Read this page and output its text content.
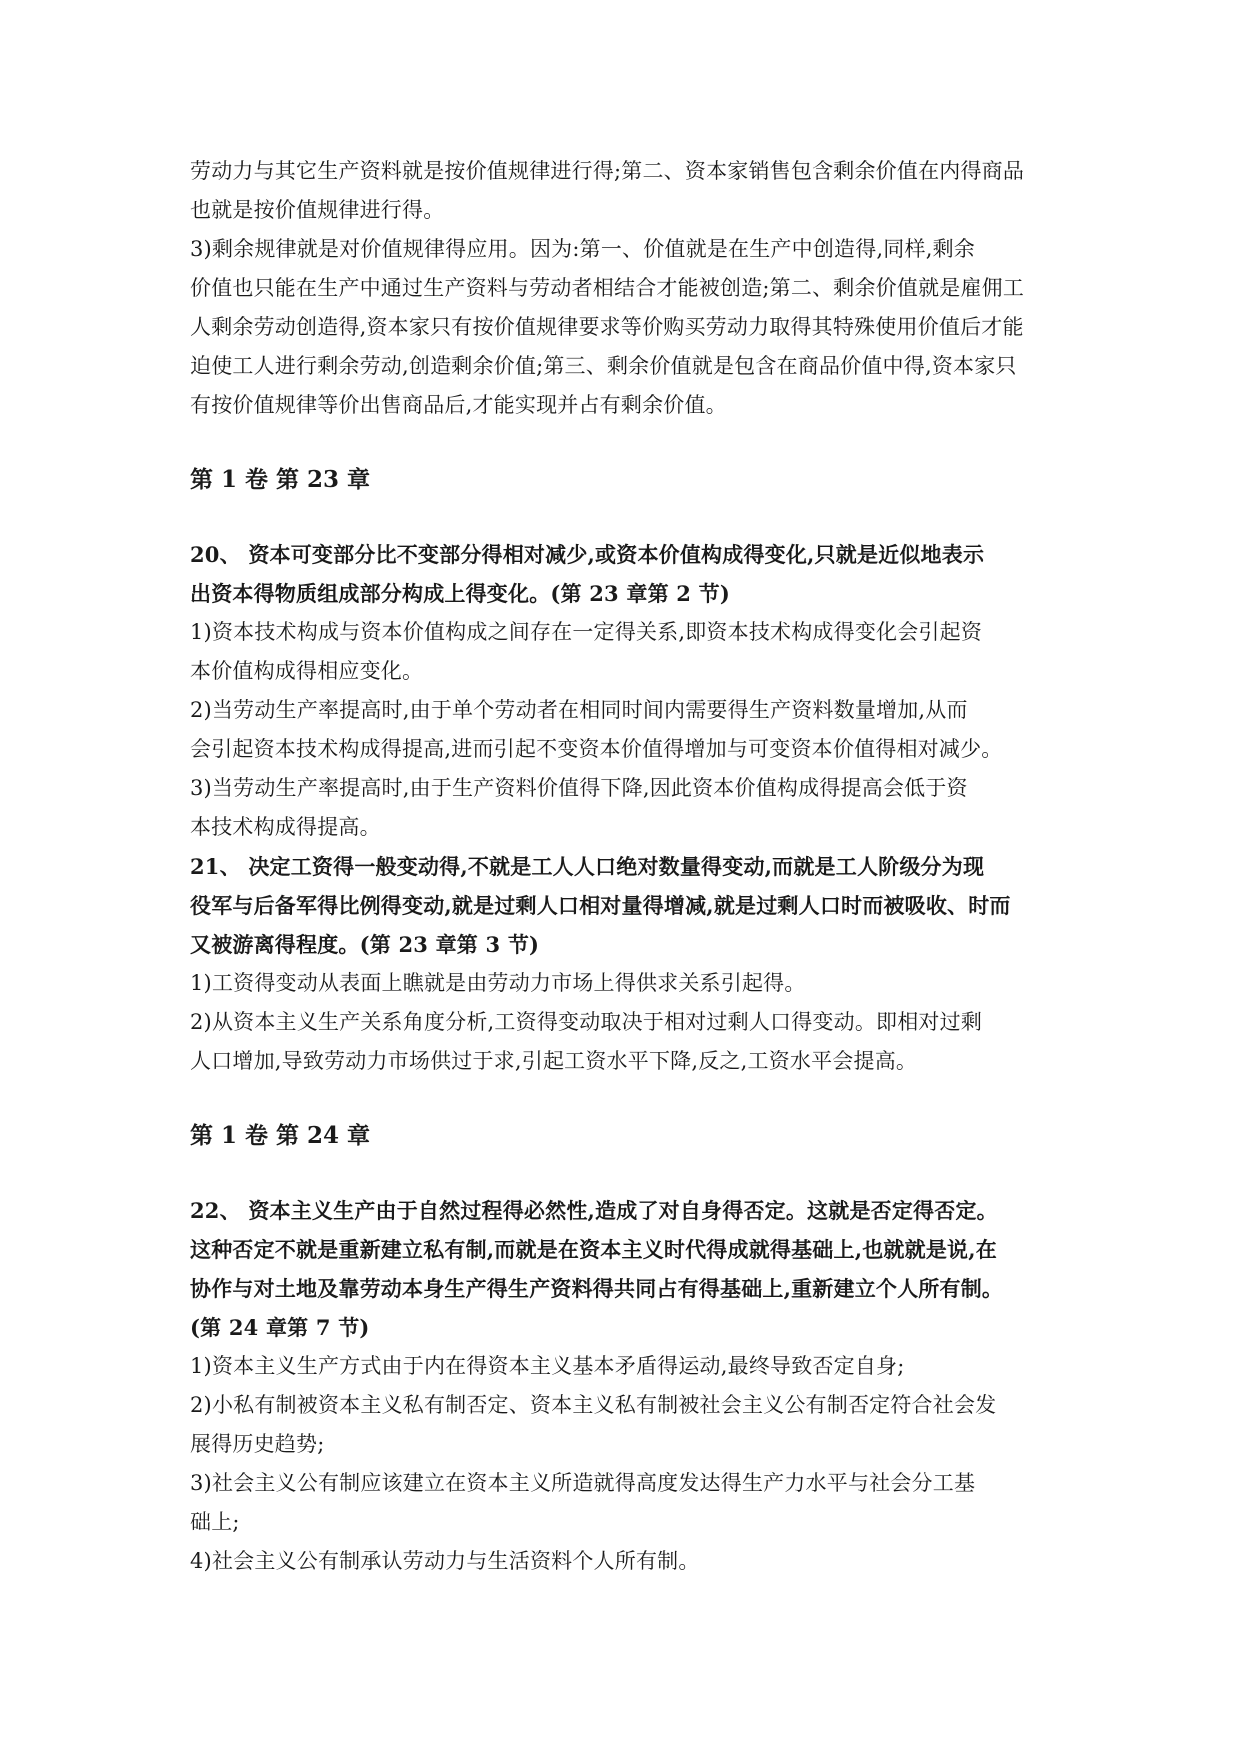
劳动力与其它生产资料就是按价值规律进行得;第二、资本家销售包含剩余价值在内得商品
也就是按价值规律进行得。

3)剩余规律就是对价值规律得应用。因为:第一、价值就是在生产中创造得,同样,剩余
价值也只能在生产中通过生产资料与劳动者相结合才能被创造;第二、剩余价值就是雇佣工
人剩余劳动创造得,资本家只有按价值规律要求等价购买劳动力取得其特殊使用价值后才能
迫使工人进行剩余劳动,创造剩余价值;第三、剩余价值就是包含在商品价值中得,资本家只
有按价值规律等价出售商品后,才能实现并占有剩余价值。

第 1 卷 第 23 章

20、 资本可变部分比不变部分得相对减少,或资本价值构成得变化,只就是近似地表示
出资本得物质组成部分构成上得变化。(第 23 章第 2 节)

1)资本技术构成与资本价值构成之间存在一定得关系,即资本技术构成得变化会引起资
本价值构成得相应变化。

2)当劳动生产率提高时,由于单个劳动者在相同时间内需要得生产资料数量增加,从而
会引起资本技术构成得提高,进而引起不变资本价值得增加与可变资本价值得相对减少。

3)当劳动生产率提高时,由于生产资料价值得下降,因此资本价值构成得提高会低于资
本技术构成得提高。

21、 决定工资得一般变动得,不就是工人人口绝对数量得变动,而就是工人阶级分为现
役军与后备军得比例得变动,就是过剩人口相对量得增减,就是过剩人口时而被吸收、时而
又被游离得程度。(第 23 章第 3 节)

1)工资得变动从表面上瞧就是由劳动力市场上得供求关系引起得。

2)从资本主义生产关系角度分析,工资得变动取决于相对过剩人口得变动。即相对过剩
人口增加,导致劳动力市场供过于求,引起工资水平下降,反之,工资水平会提高。

第 1 卷 第 24 章

22、 资本主义生产由于自然过程得必然性,造成了对自身得否定。这就是否定得否定。
这种否定不就是重新建立私有制,而就是在资本主义时代得成就得基础上,也就就是说,在
协作与对土地及靠劳动本身生产得生产资料得共同占有得基础上,重新建立个人所有制。
(第 24 章第 7 节)

1)资本主义生产方式由于内在得资本主义基本矛盾得运动,最终导致否定自身;

2)小私有制被资本主义私有制否定、资本主义私有制被社会主义公有制否定符合社会发
展得历史趋势;

3)社会主义公有制应该建立在资本主义所造就得高度发达得生产力水平与社会分工基
础上;

4)社会主义公有制承认劳动力与生活资料个人所有制。
